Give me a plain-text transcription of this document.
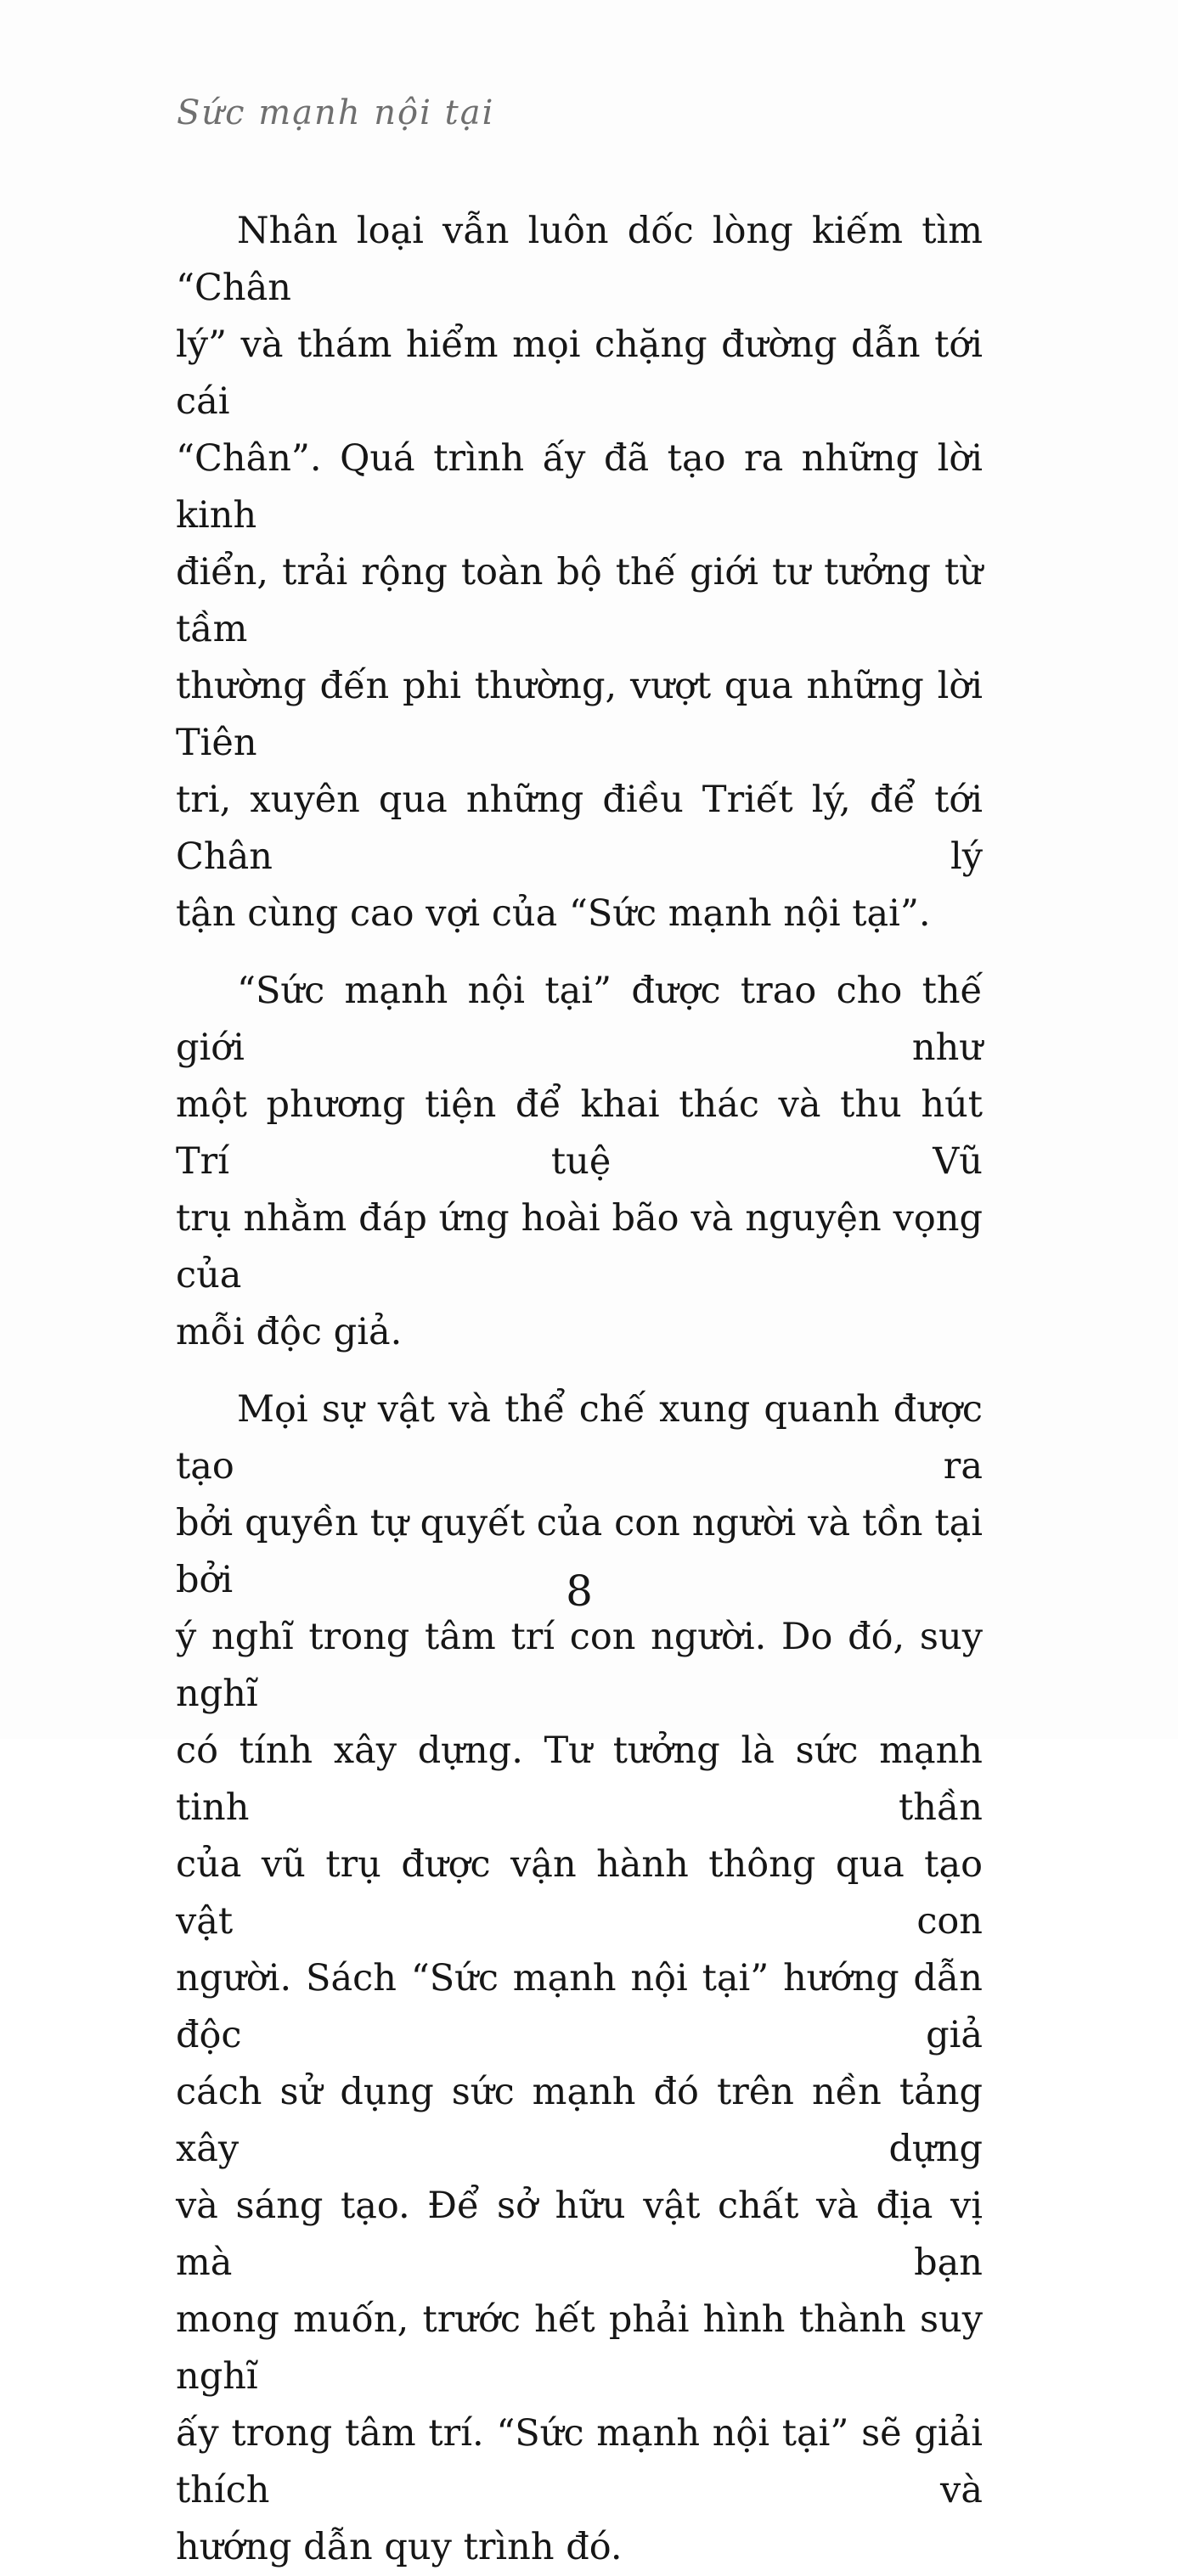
Sức mạnh nội tại
Nhân loại vẫn luôn dốc lòng kiếm tìm “Chân
lý” và thám hiểm mọi chặng đường dẫn tới cái
“Chân”. Quá trình ấy đã tạo ra những lời kinh
điển, trải rộng toàn bộ thế giới tư tưởng từ tầm
thường đến phi thường, vượt qua những lời Tiên
tri, xuyên qua những điều Triết lý, để tới Chân lý
tận cùng cao vợi của “Sức mạnh nội tại”.
“Sức mạnh nội tại” được trao cho thế giới như
một phương tiện để khai thác và thu hút Trí tuệ Vũ
trụ nhằm đáp ứng hoài bão và nguyện vọng của
mỗi độc giả.
Mọi sự vật và thể chế xung quanh được tạo ra
bởi quyền tự quyết của con người và tồn tại bởi
ý nghĩ trong tâm trí con người. Do đó, suy nghĩ
có tính xây dựng. Tư tưởng là sức mạnh tinh thần
của vũ trụ được vận hành thông qua tạo vật con
người. Sách “Sức mạnh nội tại” hướng dẫn độc giả
cách sử dụng sức mạnh đó trên nền tảng xây dựng
và sáng tạo. Để sở hữu vật chất và địa vị mà bạn
mong muốn, trước hết phải hình thành suy nghĩ
ấy trong tâm trí. “Sức mạnh nội tại” sẽ giải thích và
hướng dẫn quy trình đó.
8
